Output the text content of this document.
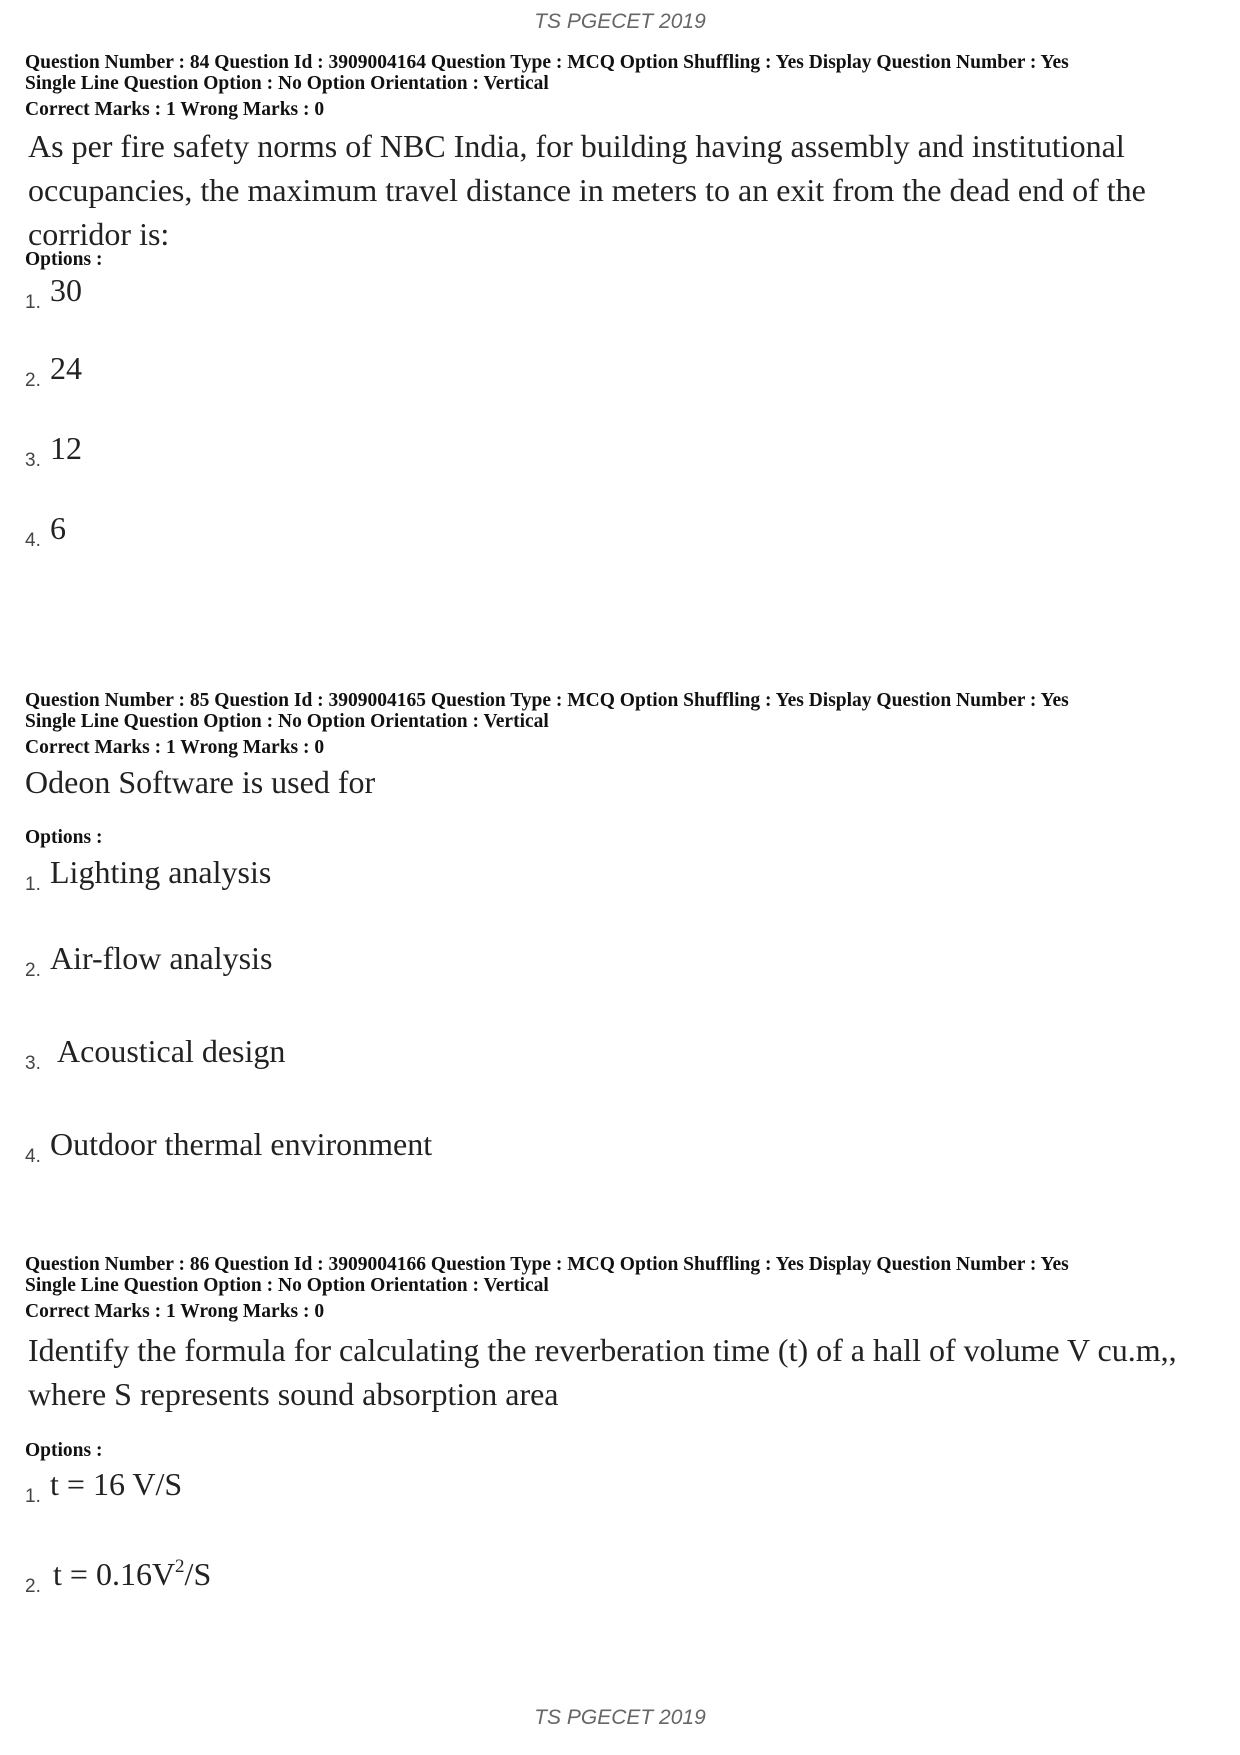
TS PGECET 2019
Question Number : 84 Question Id : 3909004164 Question Type : MCQ Option Shuffling : Yes Display Question Number : Yes
Single Line Question Option : No Option Orientation : Vertical
Correct Marks : 1 Wrong Marks : 0
As per fire safety norms of NBC India, for building having assembly and institutional occupancies, the maximum travel distance in meters to an exit from the dead end of the corridor is:
Options :
1. 30
2. 24
3. 12
4. 6
Question Number : 85 Question Id : 3909004165 Question Type : MCQ Option Shuffling : Yes Display Question Number : Yes
Single Line Question Option : No Option Orientation : Vertical
Correct Marks : 1 Wrong Marks : 0
Odeon Software is used for
Options :
1. Lighting analysis
2. Air-flow analysis
3. Acoustical design
4. Outdoor thermal environment
Question Number : 86 Question Id : 3909004166 Question Type : MCQ Option Shuffling : Yes Display Question Number : Yes
Single Line Question Option : No Option Orientation : Vertical
Correct Marks : 1 Wrong Marks : 0
Identify the formula for calculating the reverberation time (t) of a hall of volume V cu.m,, where S represents sound absorption area
Options :
1. t = 16 V/S
2. $t = 0.16V^2/S$
TS PGECET 2019
